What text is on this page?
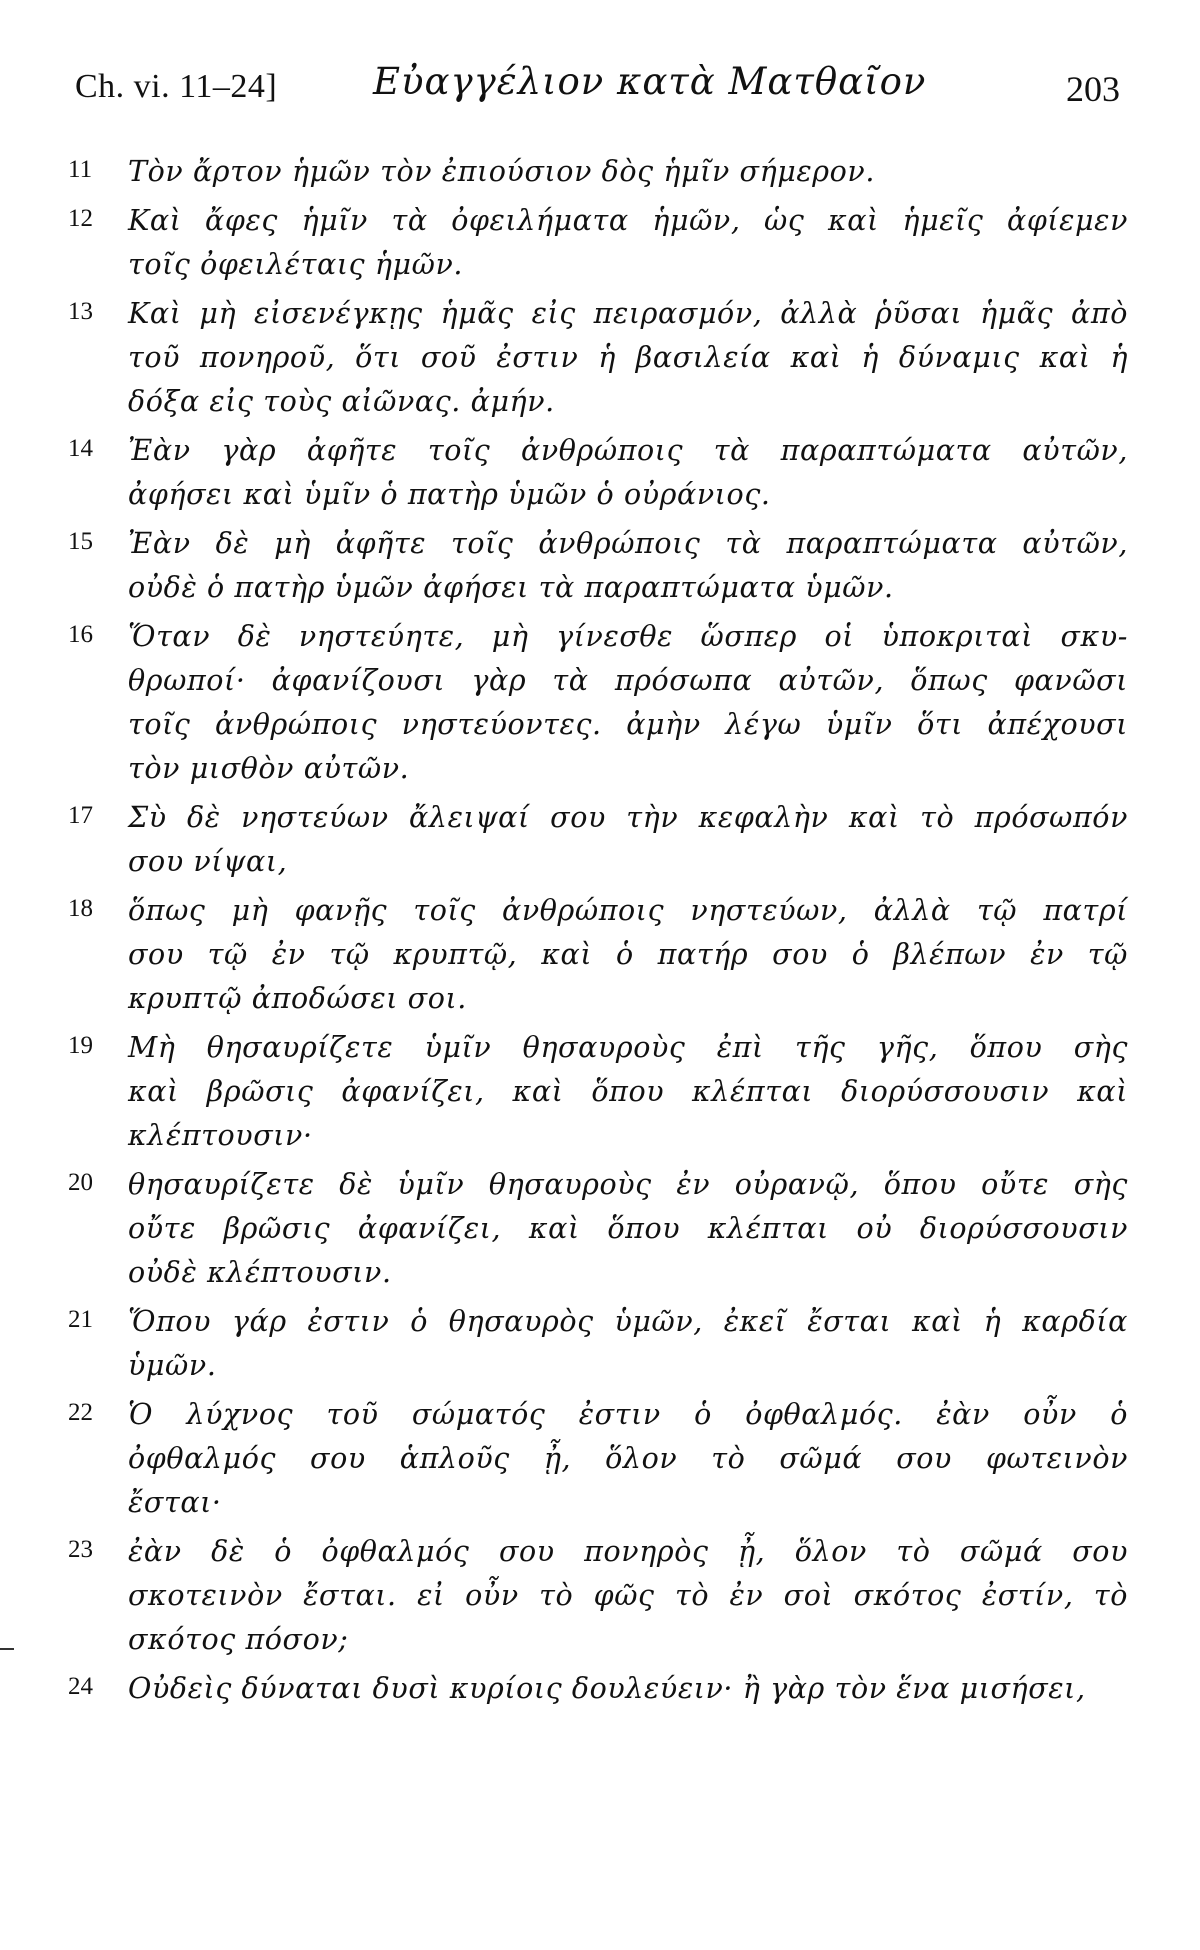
Ch. vi. 11–24]	Εὐαγγέλιον κατὰ Ματθαῖον	203
11	Τὸν ἄρτον ἡμῶν τὸν ἐπιούσιον δὸς ἡμῖν σήμερον.
12	Καὶ ἄφες ἡμῖν τὰ ὀφειλήματα ἡμῶν, ὡς καὶ ἡμεῖς ἀφίεμεν
τοῖς ὀφειλέταις ἡμῶν.
13	Καὶ μὴ εἰσενέγκῃς ἡμᾶς εἰς πειρασμόν, ἀλλὰ ῥῦσαι ἡμᾶς ἀπὸ
τοῦ πονηροῦ, ὅτι σοῦ ἐστιν ἡ βασιλεία καὶ ἡ δύναμις καὶ ἡ
δόξα εἰς τοὺς αἰῶνας. ἀμήν.
14	Ἐὰν γὰρ ἀφῆτε τοῖς ἀνθρώποις τὰ παραπτώματα αὐτῶν,
ἀφήσει καὶ ὑμῖν ὁ πατὴρ ὑμῶν ὁ οὐράνιος.
15	Ἐὰν δὲ μὴ ἀφῆτε τοῖς ἀνθρώποις τὰ παραπτώματα αὐτῶν,
οὐδὲ ὁ πατὴρ ὑμῶν ἀφήσει τὰ παραπτώματα ὑμῶν.
16	Ὅταν δὲ νηστεύητε, μὴ γίνεσθε ὥσπερ οἱ ὑποκριταὶ σκυ-
θρωποί· ἀφανίζουσι γὰρ τὰ πρόσωπα αὐτῶν, ὅπως φανῶσι
τοῖς ἀνθρώποις νηστεύοντες. ἀμὴν λέγω ὑμῖν ὅτι ἀπέχουσι
τὸν μισθὸν αὐτῶν.
17	Σὺ δὲ νηστεύων ἄλειψαί σου τὴν κεφαλὴν καὶ τὸ πρόσωπόν
σου νίψαι,
18	ὅπως μὴ φανῇς τοῖς ἀνθρώποις νηστεύων, ἀλλὰ τῷ πατρί
σου τῷ ἐν τῷ κρυπτῷ, καὶ ὁ πατήρ σου ὁ βλέπων ἐν τῷ
κρυπτῷ ἀποδώσει σοι.
19	Μὴ θησαυρίζετε ὑμῖν θησαυροὺς ἐπὶ τῆς γῆς, ὅπου σὴς
καὶ βρῶσις ἀφανίζει, καὶ ὅπου κλέπται διορύσσουσιν καὶ
κλέπτουσιν·
20	θησαυρίζετε δὲ ὑμῖν θησαυροὺς ἐν οὐρανῷ, ὅπου οὔτε σὴς
οὔτε βρῶσις ἀφανίζει, καὶ ὅπου κλέπται οὐ διορύσσουσιν
οὐδὲ κλέπτουσιν.
21	Ὅπου γάρ ἐστιν ὁ θησαυρὸς ὑμῶν, ἐκεῖ ἔσται καὶ ἡ καρδία
ὑμῶν.
22	Ὁ λύχνος τοῦ σώματός ἐστιν ὁ ὀφθαλμός. ἐὰν οὖν ὁ
ὀφθαλμός σου ἁπλοῦς ᾖ, ὅλον τὸ σῶμά σου φωτεινὸν
ἔσται·
23	ἐὰν δὲ ὁ ὀφθαλμός σου πονηρὸς ᾖ, ὅλον τὸ σῶμά σου
σκοτεινὸν ἔσται. εἰ οὖν τὸ φῶς τὸ ἐν σοὶ σκότος ἐστίν, τὸ
σκότος πόσον;
24	Οὐδεὶς δύναται δυσὶ κυρίοις δουλεύειν· ἢ γὰρ τὸν ἕνα μισήσει,
